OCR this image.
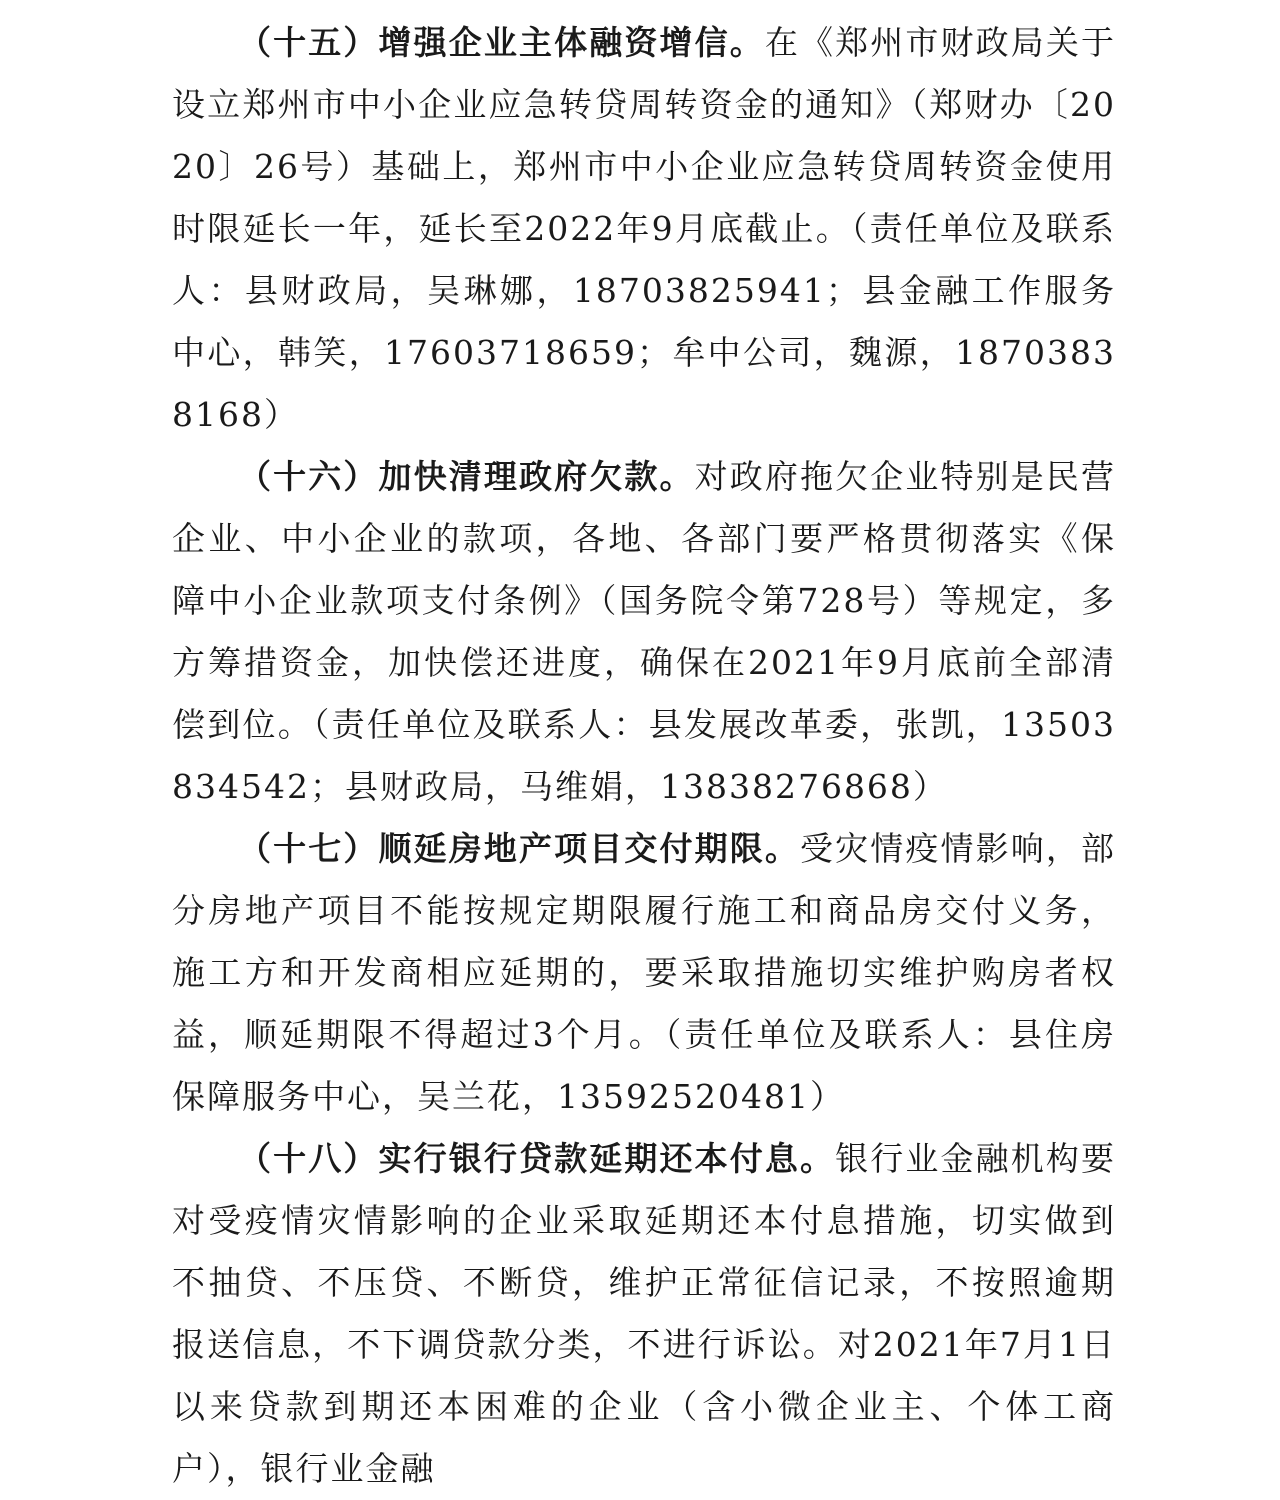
（十五）增强企业主体融资增信。在《郑州市财政局关于设立郑州市中小企业应急转贷周转资金的通知》（郑财办〔2020〕26号）基础上，郑州市中小企业应急转贷周转资金使用时限延长一年，延长至2022年9月底截止。（责任单位及联系人：县财政局，吴琳娜，18703825941；县金融工作服务中心，韩笑，17603718659；牟中公司，魏源，18703838168）

（十六）加快清理政府欠款。对政府拖欠企业特别是民营企业、中小企业的款项，各地、各部门要严格贯彻落实《保障中小企业款项支付条例》（国务院令第728号）等规定，多方筹措资金，加快偿还进度，确保在2021年9月底前全部清偿到位。（责任单位及联系人：县发展改革委，张凯，13503834542；县财政局，马维娟，13838276868）

（十七）顺延房地产项目交付期限。受灾情疫情影响，部分房地产项目不能按规定期限履行施工和商品房交付义务，施工方和开发商相应延期的，要采取措施切实维护购房者权益，顺延期限不得超过3个月。（责任单位及联系人：县住房保障服务中心，吴兰花，13592520481）

（十八）实行银行贷款延期还本付息。银行业金融机构要对受疫情灾情影响的企业采取延期还本付息措施，切实做到不抽贷、不压贷、不断贷，维护正常征信记录，不按照逾期报送信息，不下调贷款分类，不进行诉讼。对2021年7月1日以来贷款到期还本困难的企业（含小微企业主、个体工商户），银行业金融
